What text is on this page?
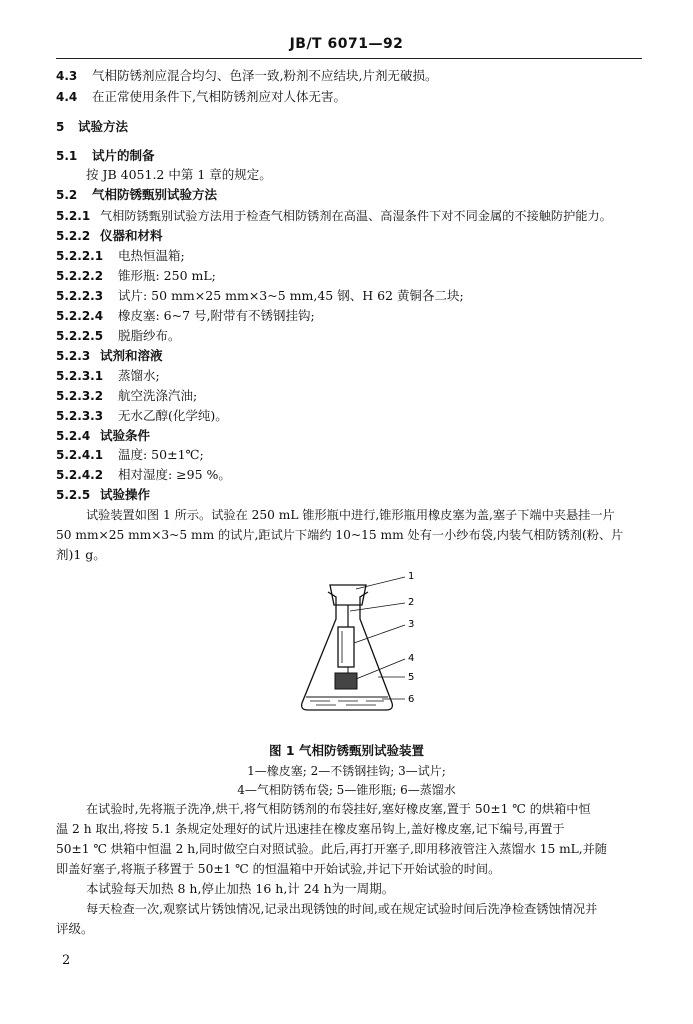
JB/T 6071—92
4.3 气相防锈剂应混合均匀、色泽一致,粉剂不应结块,片剂无破损。
4.4 在正常使用条件下,气相防锈剂应对人体无害。
5 试验方法
5.1 试片的制备
按 JB 4051.2 中第 1 章的规定。
5.2 气相防锈甄别试验方法
5.2.1 气相防锈甄别试验方法用于检查气相防锈剂在高温、高湿条件下对不同金属的不接触防护能力。
5.2.2 仪器和材料
5.2.2.1 电热恒温箱;
5.2.2.2 锥形瓶: 250 mL;
5.2.2.3 试片: 50 mm×25 mm×3~5 mm,45 钢、H 62 黄铜各二块;
5.2.2.4 橡皮塞: 6~7 号,附带有不锈钢挂钩;
5.2.2.5 脱脂纱布。
5.2.3 试剂和溶液
5.2.3.1 蒸馏水;
5.2.3.2 航空洗涤汽油;
5.2.3.3 无水乙醇(化学纯)。
5.2.4 试验条件
5.2.4.1 温度: 50±1℃;
5.2.4.2 相对湿度: ≥95 %。
5.2.5 试验操作
试验装置如图 1 所示。试验在 250 mL 锥形瓶中进行,锥形瓶用橡皮塞为盖,塞子下端中夹悬挂一片
50 mm×25 mm×3~5 mm 的试片,距试片下端约 10~15 mm 处有一小纱布袋,内装气相防锈剂(粉、片
剂)1 g。
1
2
3
4
5
6
图 1 气相防锈甄别试验装置
1—橡皮塞; 2—不锈钢挂钩; 3—试片;
4—气相防锈布袋; 5—锥形瓶; 6—蒸馏水
在试验时,先将瓶子洗净,烘干,将气相防锈剂的布袋挂好,塞好橡皮塞,置于 50±1 ℃ 的烘箱中恒
温 2 h 取出,将按 5.1 条规定处理好的试片迅速挂在橡皮塞吊钩上,盖好橡皮塞,记下编号,再置于
50±1 ℃ 烘箱中恒温 2 h,同时做空白对照试验。此后,再打开塞子,即用移液管注入蒸馏水 15 mL,并随
即盖好塞子,将瓶子移置于 50±1 ℃ 的恒温箱中开始试验,并记下开始试验的时间。
本试验每天加热 8 h,停止加热 16 h,计 24 h为一周期。
每天检查一次,观察试片锈蚀情况,记录出现锈蚀的时间,或在规定试验时间后洗净检查锈蚀情况并
评级。
2
